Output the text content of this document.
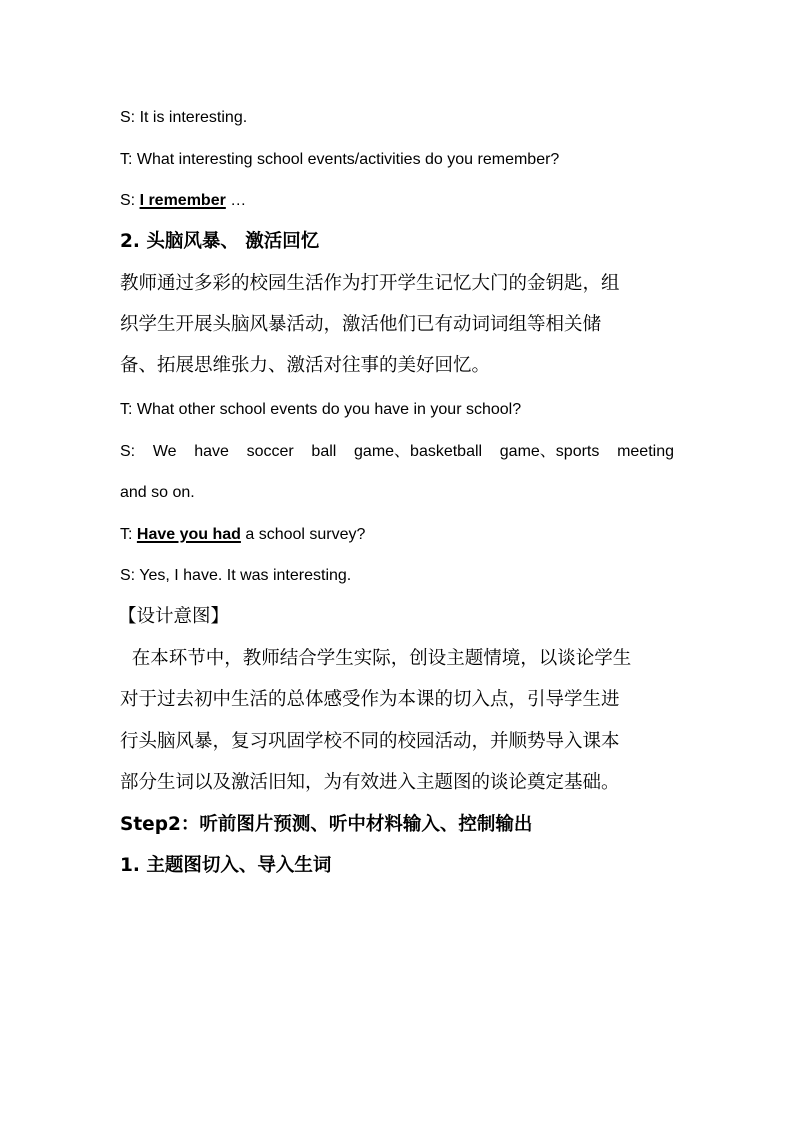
S: It is interesting.
T: What interesting school events/activities do you remember?
S: I remember …
2. 头脑风暴、 激活回忆
教师通过多彩的校园生活作为打开学生记忆大门的金钥匙，组
织学生开展头脑风暴活动，激活他们已有动词词组等相关储
备、拓展思维张力、激活对往事的美好回忆。
T: What other school events do you have in your school?
S: We have soccer ball game、basketball game、sports meeting
and so on.
T: Have you had a school survey?
S: Yes, I have. It was interesting.
【设计意图】
在本环节中，教师结合学生实际，创设主题情境，以谈论学生
对于过去初中生活的总体感受作为本课的切入点，引导学生进
行头脑风暴，复习巩固学校不同的校园活动，并顺势导入课本
部分生词以及激活旧知，为有效进入主题图的谈论奠定基础。
Step2：听前图片预测、听中材料输入、控制输出
1. 主题图切入、导入生词
